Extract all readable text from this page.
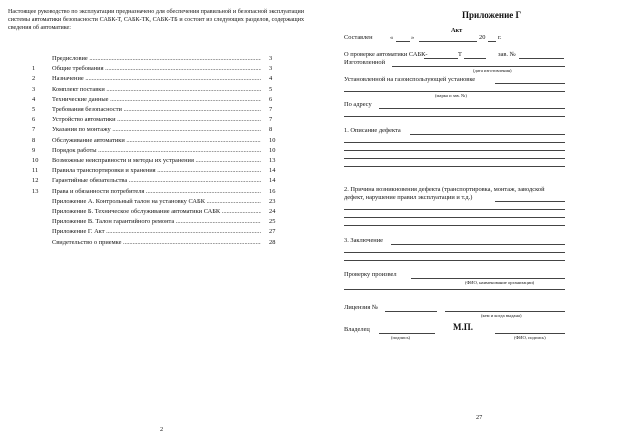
Настоящее руководство по эксплуатации предназначено для обеспечения правильной и безопасной эксплуатации системы автоматики безопасности САБК-Т, САБК-ТК, САБК-ТБ и состоит из следующих разделов, содержащих сведения об автоматике:
Предисловие .....	3
1	Общие требования .....	3
2	Назначение .....	4
3	Комплект поставки .....	5
4	Технические данные .....	6
5	Требования безопасности .....	7
6	Устройство автоматики .....	7
7	Указания по монтажу .....	8
8	Обслуживание автоматики .....	10
9	Порядок работы .....	10
10	Возможные неисправности и методы их устранения .....	13
11	Правила транспортировки и хранения .....	14
12	Гарантийные обязательства .....	14
13	Права и обязанности потребителя .....	16
Приложение А. Контрольный талон на установку САБК .....	23
Приложение Б. Техническое обслуживание автоматики САБК .....	24
Приложение В. Талон гарантийного ремонта .....	25
Приложение Г. Акт .....	27
Свидетельство о приемке .....	28
2
Приложение Г
Акт
Составлен	«	»	20 г.
О проверке автоматики САБК-	Т	зав. №
Изготовленной
(дата изготовления)
Установленной на газоиспользующей установке
(марка и зав. №)
По адресу
1. Описание дефекта
2. Причина возникновения дефекта (транспортировка, монтаж, заводской
дефект, нарушение правил эксплуатации и т.д.)
3. Заключение
Проверку произвел
(ФИО, наименование организации)
Лицензия №
(кем и когда выдана)
Владелец	М.П.
(подпись)	(ФИО, подпись)
27
